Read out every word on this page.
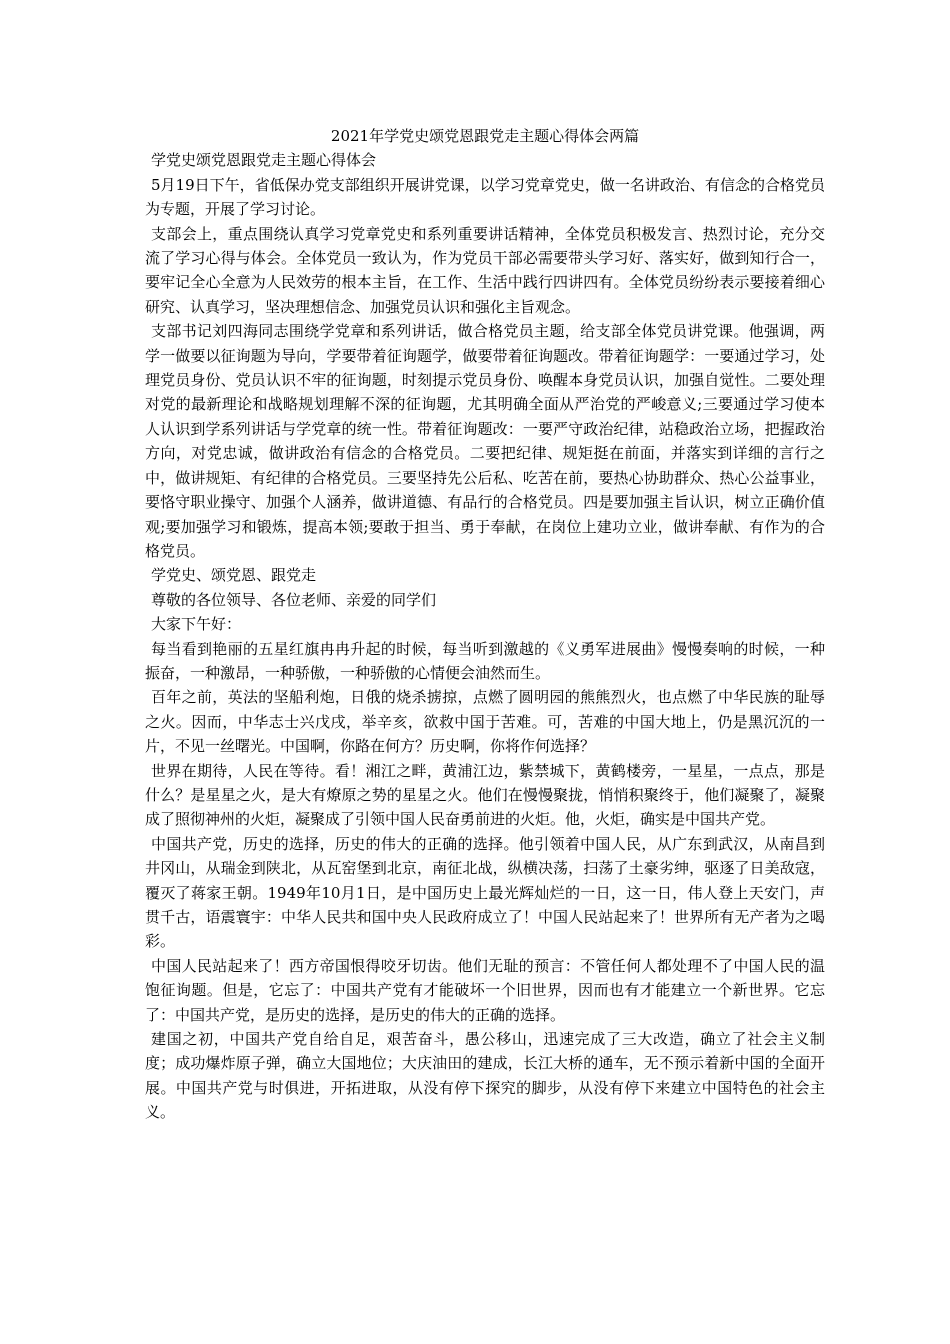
2021年学党史颂党恩跟党走主题心得体会两篇

学党史颂党恩跟党走主题心得体会

5月19日下午，省低保办党支部组织开展讲党课，以学习党章党史，做一名讲政治、有信念的合格党员为专题，开展了学习讨论。

支部会上，重点围绕认真学习党章党史和系列重要讲话精神，全体党员积极发言、热烈讨论，充分交流了学习心得与体会。全体党员一致认为，作为党员干部必需要带头学习好、落实好，做到知行合一，要牢记全心全意为人民效劳的根本主旨，在工作、生活中践行四讲四有。全体党员纷纷表示要接着细心研究、认真学习，坚决理想信念、加强党员认识和强化主旨观念。

支部书记刘四海同志围绕学党章和系列讲话，做合格党员主题，给支部全体党员讲党课。他强调，两学一做要以征询题为导向，学要带着征询题学，做要带着征询题改。带着征询题学：一要通过学习，处理党员身份、党员认识不牢的征询题，时刻提示党员身份、唤醒本身党员认识，加强自觉性。二要处理对党的最新理论和战略规划理解不深的征询题，尤其明确全面从严治党的严峻意义;三要通过学习使本人认识到学系列讲话与学党章的统一性。带着征询题改：一要严守政治纪律，站稳政治立场，把握政治方向，对党忠诚，做讲政治有信念的合格党员。二要把纪律、规矩挺在前面，并落实到详细的言行之中，做讲规矩、有纪律的合格党员。三要坚持先公后私、吃苦在前，要热心协助群众、热心公益事业，要恪守职业操守、加强个人涵养，做讲道德、有品行的合格党员。四是要加强主旨认识，树立正确价值观;要加强学习和锻炼，提高本领;要敢于担当、勇于奉献，在岗位上建功立业，做讲奉献、有作为的合格党员。

学党史、颂党恩、跟党走

尊敬的各位领导、各位老师、亲爱的同学们

大家下午好：

每当看到艳丽的五星红旗冉冉升起的时候，每当听到激越的《义勇军进展曲》慢慢奏响的时候，一种振奋，一种激昂，一种骄傲，一种骄傲的心情便会油然而生。

百年之前，英法的坚船利炮，日俄的烧杀掳掠，点燃了圆明园的熊熊烈火，也点燃了中华民族的耻辱之火。因而，中华志士兴戊戌，举辛亥，欲救中国于苦难。可，苦难的中国大地上，仍是黑沉沉的一片，不见一丝曙光。中国啊，你路在何方？历史啊，你将作何选择？

世界在期待，人民在等待。看！湘江之畔，黄浦江边，紫禁城下，黄鹤楼旁，一星星，一点点，那是什么？是星星之火，是大有燎原之势的星星之火。他们在慢慢聚拢，悄悄积聚终于，他们凝聚了，凝聚成了照彻神州的火炬，凝聚成了引领中国人民奋勇前进的火炬。他，火炬，确实是中国共产党。

中国共产党，历史的选择，历史的伟大的正确的选择。他引领着中国人民，从广东到武汉，从南昌到井冈山，从瑞金到陕北，从瓦窑堡到北京，南征北战，纵横决荡，扫荡了土豪劣绅，驱逐了日美敌寇，覆灭了蒋家王朝。1949年10月1日，是中国历史上最光辉灿烂的一日，这一日，伟人登上天安门，声贯千古，语震寰宇：中华人民共和国中央人民政府成立了！中国人民站起来了！世界所有无产者为之喝彩。

中国人民站起来了！西方帝国恨得咬牙切齿。他们无耻的预言：不管任何人都处理不了中国人民的温饱征询题。但是，它忘了：中国共产党有才能破坏一个旧世界，因而也有才能建立一个新世界。它忘了：中国共产党，是历史的选择，是历史的伟大的正确的选择。

建国之初，中国共产党自给自足，艰苦奋斗，愚公移山，迅速完成了三大改造，确立了社会主义制度；成功爆炸原子弹，确立大国地位；大庆油田的建成，长江大桥的通车，无不预示着新中国的全面开展。中国共产党与时俱进，开拓进取，从没有停下探究的脚步，从没有停下来建立中国特色的社会主义。
